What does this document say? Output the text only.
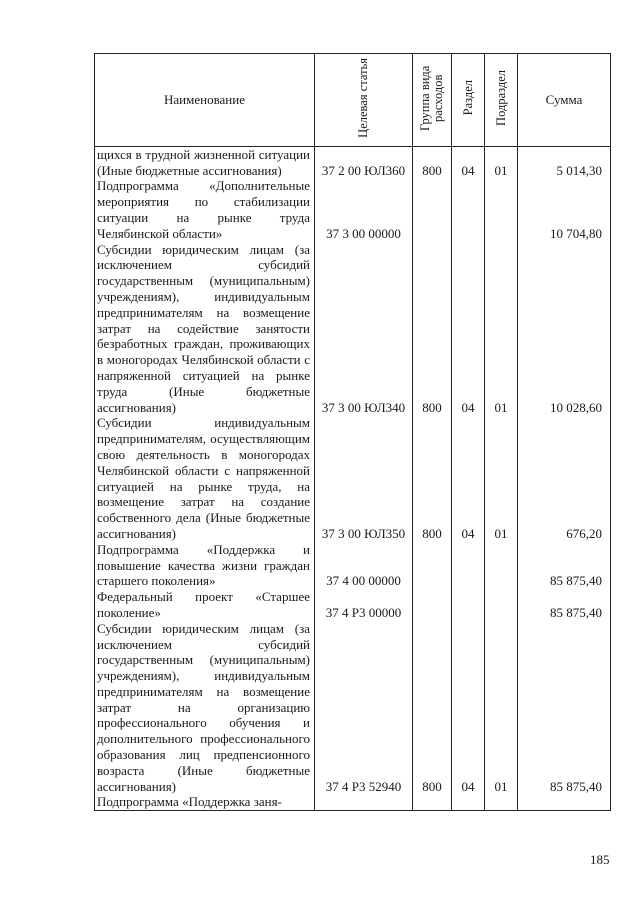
Наименование	Целевая статья	Группа вида расходов	Раздел	Подраздел	Сумма
щихся в трудной жизненной ситуации (Иные бюджетные ассигнования)	37 2 00 ЮЛ360	800	04	01	5 014,30
Подпрограмма «Дополнительные мероприятия по стабилизации ситуации на рынке труда Челябинской области»	37 3 00 00000				10 704,80
Субсидии юридическим лицам (за исключением субсидий государственным (муниципальным) учреждениям), индивидуальным предпринимателям на возмещение затрат на содействие занятости безработных граждан, проживающих в моногородах Челябинской области с напряженной ситуацией на рынке труда (Иные бюджетные ассигнования)	37 3 00 ЮЛ340	800	04	01	10 028,60
Субсидии индивидуальным предпринимателям, осуществляющим свою деятельность в моногородах Челябинской области с напряженной ситуацией на рынке труда, на возмещение затрат на создание собственного дела (Иные бюджетные ассигнования)	37 3 00 ЮЛ350	800	04	01	676,20
Подпрограмма «Поддержка и повышение качества жизни граждан старшего поколения»	37 4 00 00000				85 875,40
Федеральный проект «Старшее поколение»	37 4 P3 00000				85 875,40
Субсидии юридическим лицам (за исключением субсидий государственным (муниципальным) учреждениям), индивидуальным предпринимателям на возмещение затрат на организацию профессионального обучения и дополнительного профессионального образования лиц предпенсионного возраста (Иные бюджетные ассигнования)	37 4 P3 52940	800	04	01	85 875,40
Подпрограмма «Поддержка заня-					
185
